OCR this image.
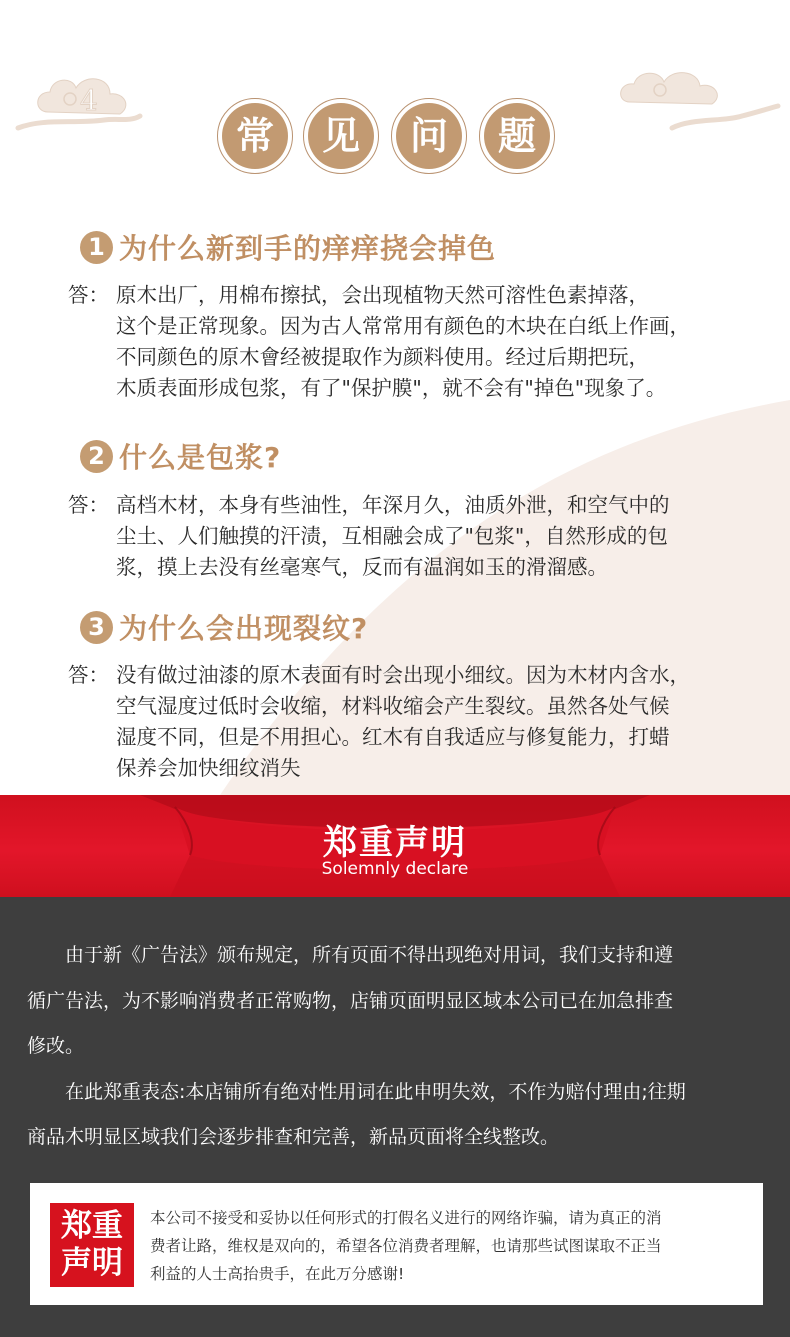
4
常	见	问	题
1 为什么新到手的痒痒挠会掉色
答： 原木出厂，用棉布擦拭，会出现植物天然可溶性色素掉落，
这个是正常现象。因为古人常常用有颜色的木块在白纸上作画，
不同颜色的原木會经被提取作为颜料使用。经过后期把玩，
木质表面形成包浆，有了"保护膜"，就不会有"掉色"现象了。
2 什么是包浆?
答： 高档木材，本身有些油性，年深月久，油质外泄，和空气中的
尘土、人们触摸的汗渍，互相融会成了"包浆"，自然形成的包
浆，摸上去没有丝毫寒气，反而有温润如玉的滑溜感。
3 为什么会出现裂纹?
答： 没有做过油漆的原木表面有时会出现小细纹。因为木材内含水，
空气湿度过低时会收缩，材料收缩会产生裂纹。虽然各处气候
湿度不同，但是不用担心。红木有自我适应与修复能力，打蜡
保养会加快细纹消失
郑重声明
Solemnly declare
　　由于新《广告法》颁布规定，所有页面不得出现绝对用词，我们支持和遵
循广告法，为不影响消费者正常购物，店铺页面明显区域本公司已在加急排查
修改。
　　在此郑重表态:本店铺所有绝对性用词在此申明失效，不作为赔付理由;往期
商品木明显区域我们会逐步排查和完善，新品页面将全线整改。
郑重
声明
本公司不接受和妥协以任何形式的打假名义进行的网络诈骗，请为真正的消
费者让路，维权是双向的，希望各位消费者理解，也请那些试图谋取不正当
利益的人士高抬贵手，在此万分感谢!
